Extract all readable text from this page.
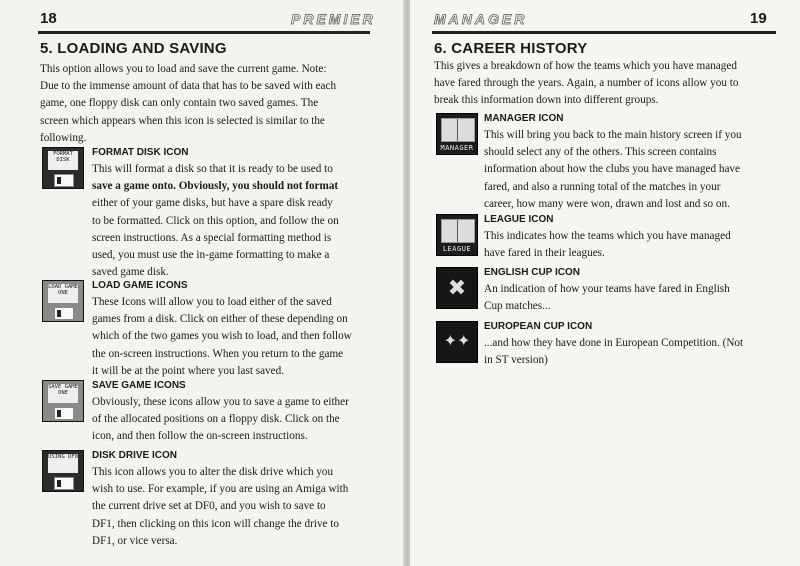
18	PREMIER
5. LOADING AND SAVING

This option allows you to load and save the current game. Note:

Due to the immense amount of data that has to be saved with each

game, one floppy disk can only contain two saved games. The

screen which appears when this icon is selected is similar to the

following.

FORMAT DISK
FORMAT DISK ICON

This will format a disk so that it is ready to be used to

save a game onto. Obviously, you should not format

either of your game disks, but have a spare disk ready

to be formatted. Click on this option, and follow the on

screen instructions. As a special formatting method is

used, you must use the in-game formatting to make a

saved game disk.

LOAD GAME ONE
LOAD GAME ICONS

These Icons will allow you to load either of the saved

games from a disk. Click on either of these depending on

which of the two games you wish to load, and then follow

the on-screen instructions. When you return to the game

it will be at the point where you last saved.

SAVE GAME ONE
SAVE GAME ICONS

Obviously, these icons allow you to save a game to either

of the allocated positions on a floppy disk. Click on the

icon, and then follow the on-screen instructions.

USING DF0 DISK DRIVE ICON

This icon allows you to alter the disk drive which you

wish to use. For example, if you are using an Amiga with

the current drive set at DF0, and you wish to save to

DF1, then clicking on this icon will change the drive to

DF1, or vice versa.

MANAGER	19
6. CAREER HISTORY

This gives a breakdown of how the teams which you have managed

have fared through the years. Again, a number of icons allow you to

break this information down into different groups.

MANAGER
MANAGER ICON

This will bring you back to the main history screen if you

should select any of the others. This screen contains

information about how the clubs you have managed have

fared, and also a running total of the matches in your

career, how many were won, drawn and lost and so on.

LEAGUE
LEAGUE ICON

This indicates how the teams which you have managed

have fared in their leagues.

✖
ENGLISH CUP ICON

An indication of how your teams have fared in English

Cup matches...

✦✦
EUROPEAN CUP ICON

...and how they have done in European Competition. (Not

in ST version)
